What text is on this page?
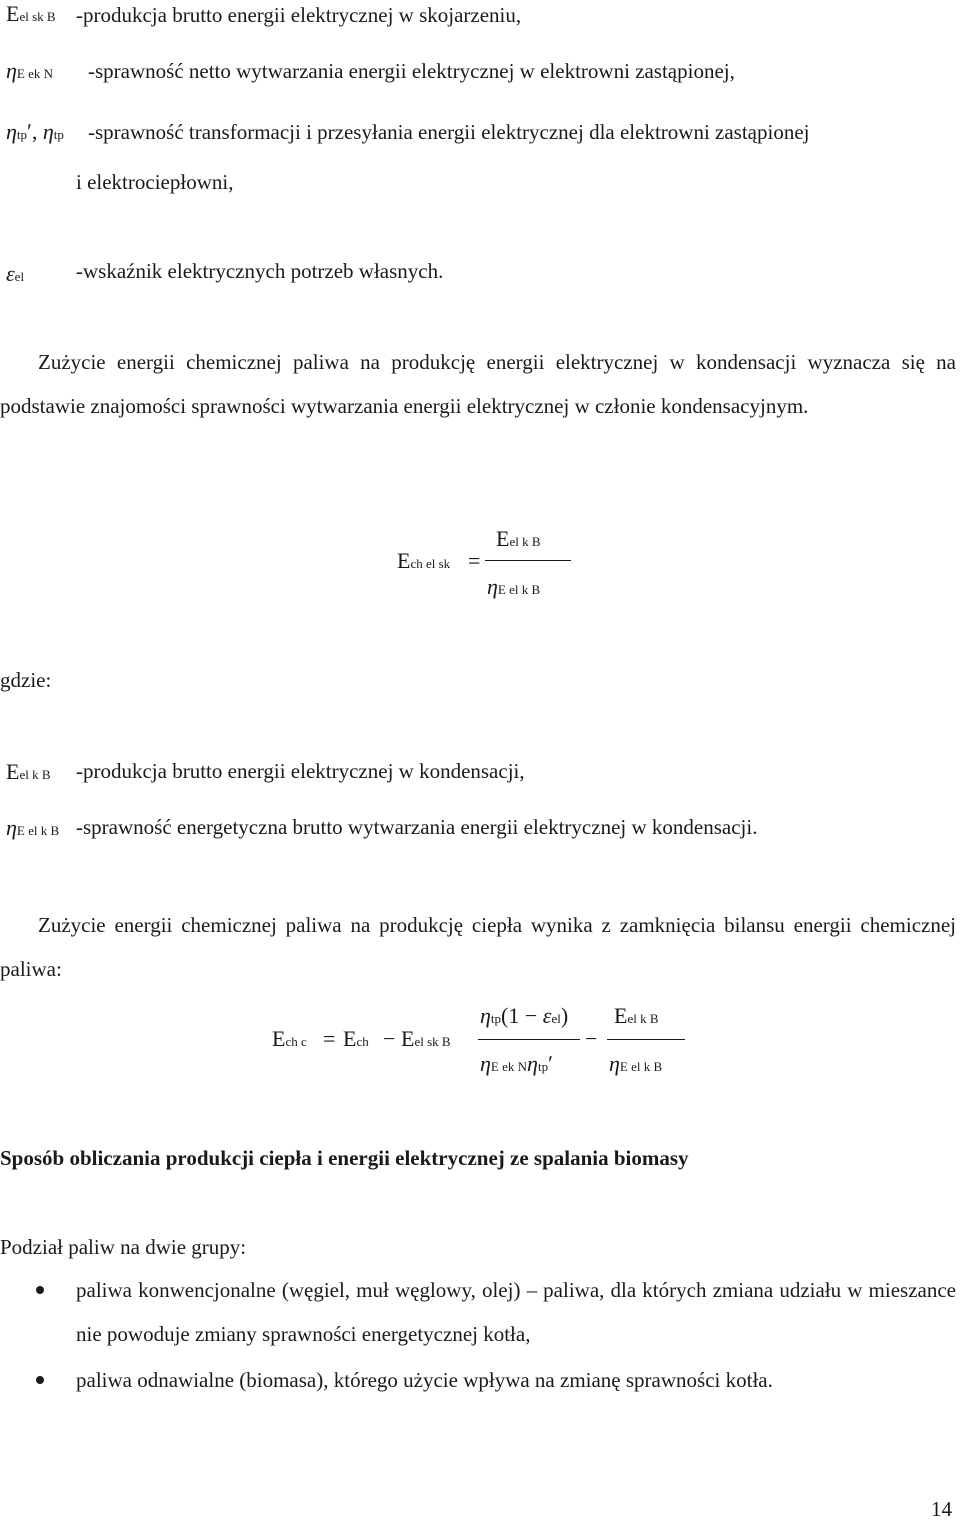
Eel sk B -produkcja brutto energii elektrycznej w skojarzeniu,
ηE ek N -sprawność netto wytwarzania energii elektrycznej w elektrowni zastąpionej,
ηtpʹ, ηtp -sprawność transformacji i przesyłania energii elektrycznej dla elektrowni zastąpionej
i elektrociepłowni,
εel -wskaźnik elektrycznych potrzeb własnych.
Zużycie energii chemicznej paliwa na produkcję energii elektrycznej w kondensacji wyznacza się na podstawie znajomości sprawności wytwarzania energii elektrycznej w członie kondensacyjnym.
Ech el sk =
Eel k B
ηE el k B
gdzie:
Eel k B -produkcja brutto energii elektrycznej w kondensacji,
ηE el k B -sprawność energetyczna brutto wytwarzania energii elektrycznej w kondensacji.
Zużycie energii chemicznej paliwa na produkcję ciepła wynika z zamknięcia bilansu energii chemicznej paliwa:
Ech c = Ech − Eel sk B
ηtp(1 − εel)
ηE ek Nηtpʹ
−
Eel k B
ηE el k B
Sposób obliczania produkcji ciepła i energii elektrycznej ze spalania biomasy
Podział paliw na dwie grupy:
paliwa konwencjonalne (węgiel, muł węglowy, olej) – paliwa, dla których zmiana udziału w mieszance nie powoduje zmiany sprawności energetycznej kotła,
paliwa odnawialne (biomasa), którego użycie wpływa na zmianę sprawności kotła.
14
